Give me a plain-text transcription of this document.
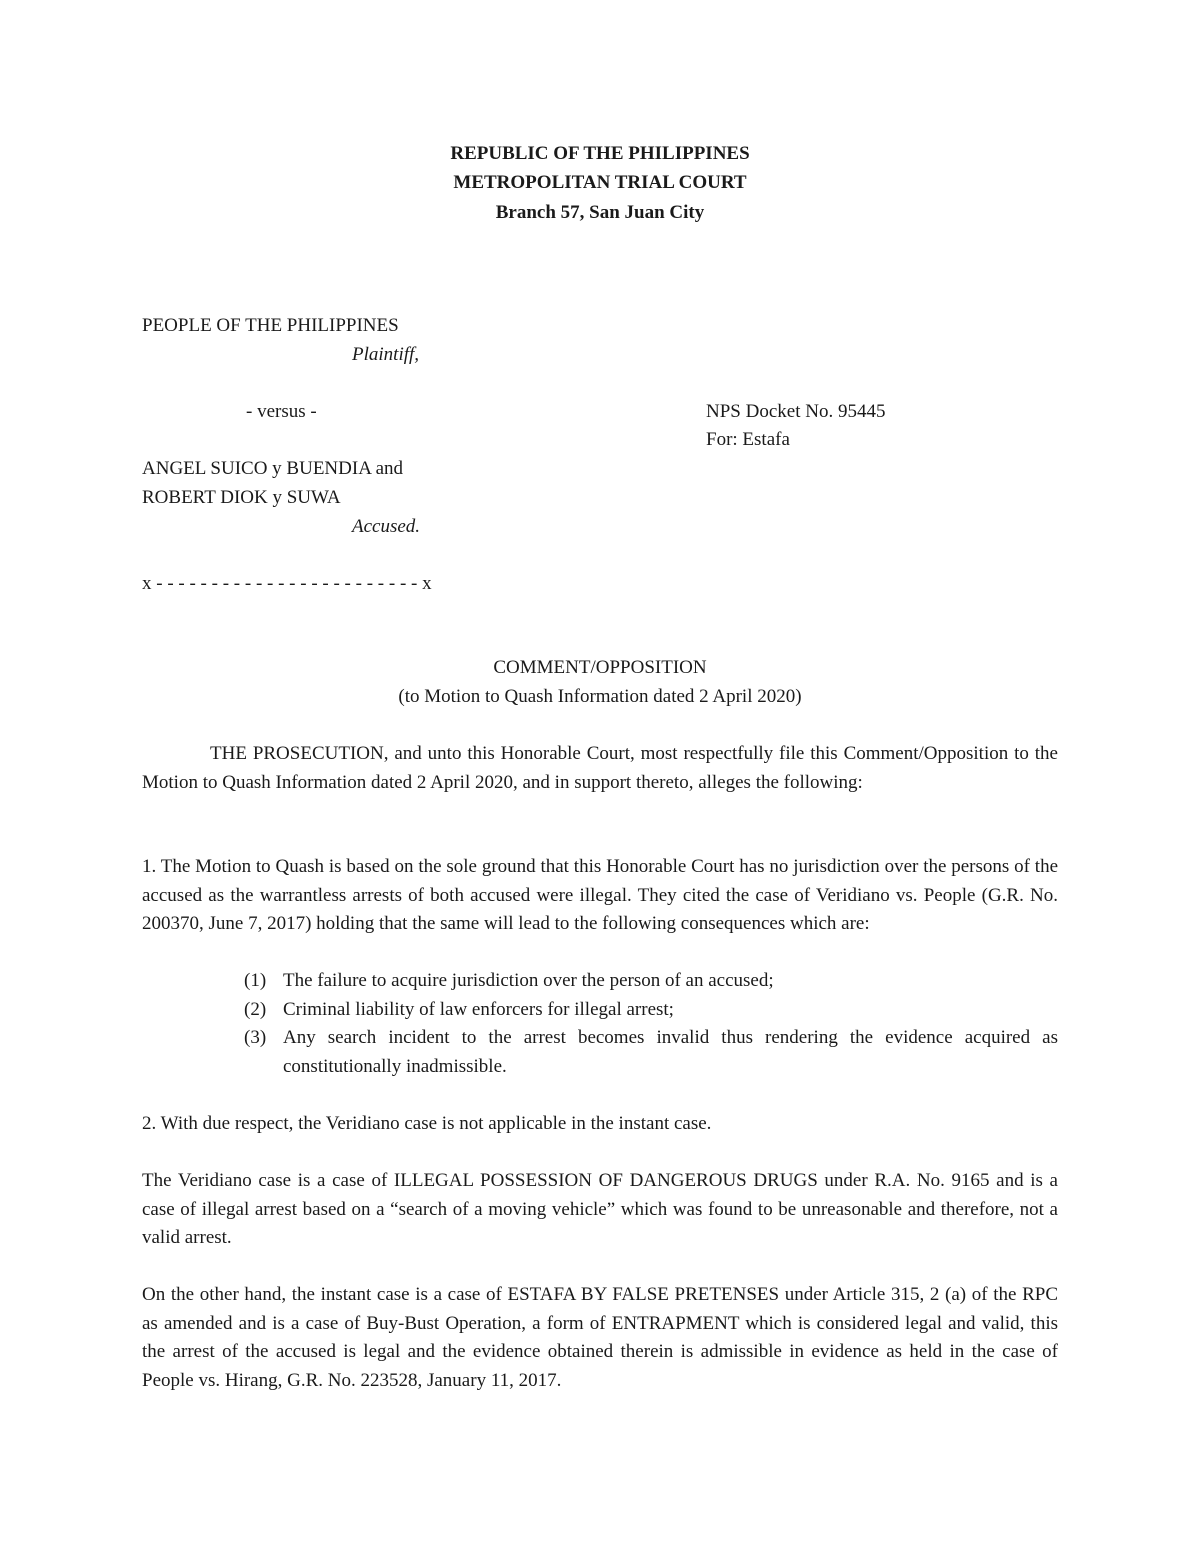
REPUBLIC OF THE PHILIPPINES
METROPOLITAN TRIAL COURT
Branch 57, San Juan City
PEOPLE OF THE PHILIPPINES
Plaintiff,
- versus -	NPS Docket No. 95445
For: Estafa
ANGEL SUICO y BUENDIA and
ROBERT DIOK y SUWA
Accused.
x - - - - - - - - - - - - - - - - - - - - - - - - x
COMMENT/OPPOSITION
(to Motion to Quash Information dated 2 April 2020)
THE PROSECUTION, and unto this Honorable Court, most respectfully file this Comment/Opposition to the Motion to Quash Information dated 2 April 2020, and in support thereto, alleges the following:
1. The Motion to Quash is based on the sole ground that this Honorable Court has no jurisdiction over the persons of the accused as the warrantless arrests of both accused were illegal. They cited the case of Veridiano vs. People (G.R. No. 200370, June 7, 2017) holding that the same will lead to the following consequences which are:
(1) The failure to acquire jurisdiction over the person of an accused;
(2) Criminal liability of law enforcers for illegal arrest;
(3) Any search incident to the arrest becomes invalid thus rendering the evidence acquired as constitutionally inadmissible.
2. With due respect, the Veridiano case is not applicable in the instant case.
The Veridiano case is a case of ILLEGAL POSSESSION OF DANGEROUS DRUGS under R.A. No. 9165 and is a case of illegal arrest based on a “search of a moving vehicle” which was found to be unreasonable and therefore, not a valid arrest.
On the other hand, the instant case is a case of ESTAFA BY FALSE PRETENSES under Article 315, 2 (a) of the RPC as amended and is a case of Buy-Bust Operation, a form of ENTRAPMENT which is considered legal and valid, this the arrest of the accused is legal and the evidence obtained therein is admissible in evidence as held in the case of People vs. Hirang, G.R. No. 223528, January 11, 2017.
